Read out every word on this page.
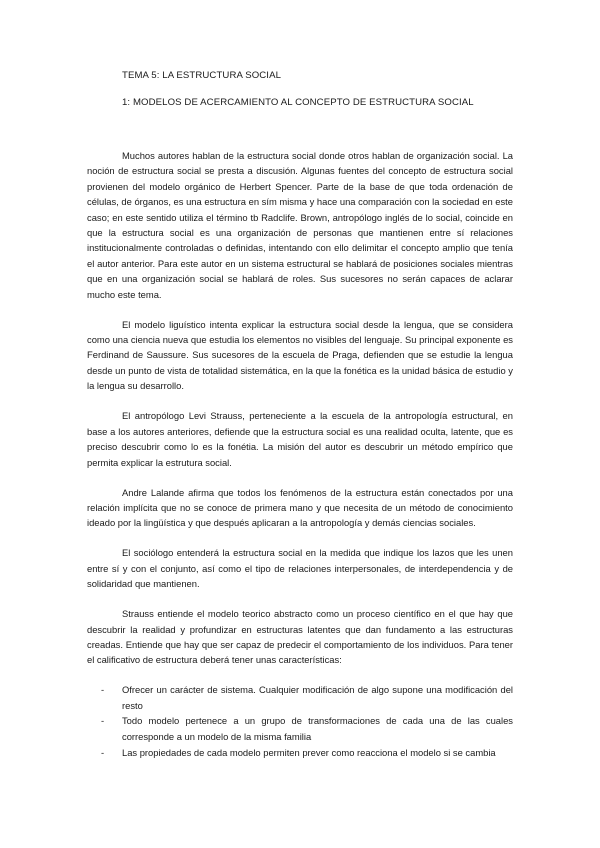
TEMA 5: LA ESTRUCTURA SOCIAL
1: MODELOS DE ACERCAMIENTO AL CONCEPTO DE ESTRUCTURA SOCIAL

Muchos autores hablan de la estructura social donde otros hablan de organización social. La noción de estructura social se presta a discusión. Algunas fuentes del concepto de estructura social provienen del modelo orgánico de Herbert Spencer. Parte de la base de que toda ordenación de células, de órganos, es una estructura en sím misma y hace una comparación con la sociedad en este caso; en este sentido utiliza el término tb Radclife. Brown, antropólogo inglés de lo social, coincide en que la estructura social es una organización de personas que mantienen entre sí relaciones institucionalmente controladas o definidas, intentando con ello delimitar el concepto amplio que tenía el autor anterior. Para este autor en un sistema estructural se hablará de posiciones sociales mientras que en una organización social se hablará de roles. Sus sucesores no serán capaces de aclarar mucho este tema.

El modelo liguístico intenta explicar la estructura social desde la lengua, que se considera como una ciencia nueva que estudia los elementos no visibles del lenguaje. Su principal exponente es Ferdinand de Saussure. Sus sucesores de la escuela de Praga, defienden que se estudie la lengua desde un punto de vista de totalidad sistemática, en la que la fonética es la unidad básica de estudio y la lengua su desarrollo.

El antropólogo Levi Strauss, perteneciente a la escuela de la antropología estructural, en base a los autores anteriores, defiende que la estructura social es una realidad oculta, latente, que es preciso descubrir como lo es la fonétia. La misión del autor es descubrir un método empírico que permita explicar la estrutura social.

Andre Lalande afirma que todos los fenómenos de la estructura están conectados por una relación implícita que no se conoce de primera mano y que necesita de un método de conocimiento ideado por la lingüística y que después aplicaran a la antropología y demás ciencias sociales.

El sociólogo entenderá la estructura social en la medida que indique los lazos que les unen entre sí y con el conjunto, así como el tipo de relaciones interpersonales, de interdependencia y de solidaridad que mantienen.

Strauss entiende el modelo teorico abstracto como un proceso científico en el que hay que descubrir la realidad y profundizar en estructuras latentes que dan fundamento a las estructuras creadas. Entiende que hay que ser capaz de predecir el comportamiento de los individuos. Para tener el calificativo de estructura deberá tener unas características:

- Ofrecer un carácter de sistema. Cualquier modificación de algo supone una modificación del resto
- Todo modelo pertenece a un grupo de transformaciones de cada una de las cuales corresponde a un modelo de la misma familia
- Las propiedades de cada modelo permiten prever como reacciona el modelo si se cambia
